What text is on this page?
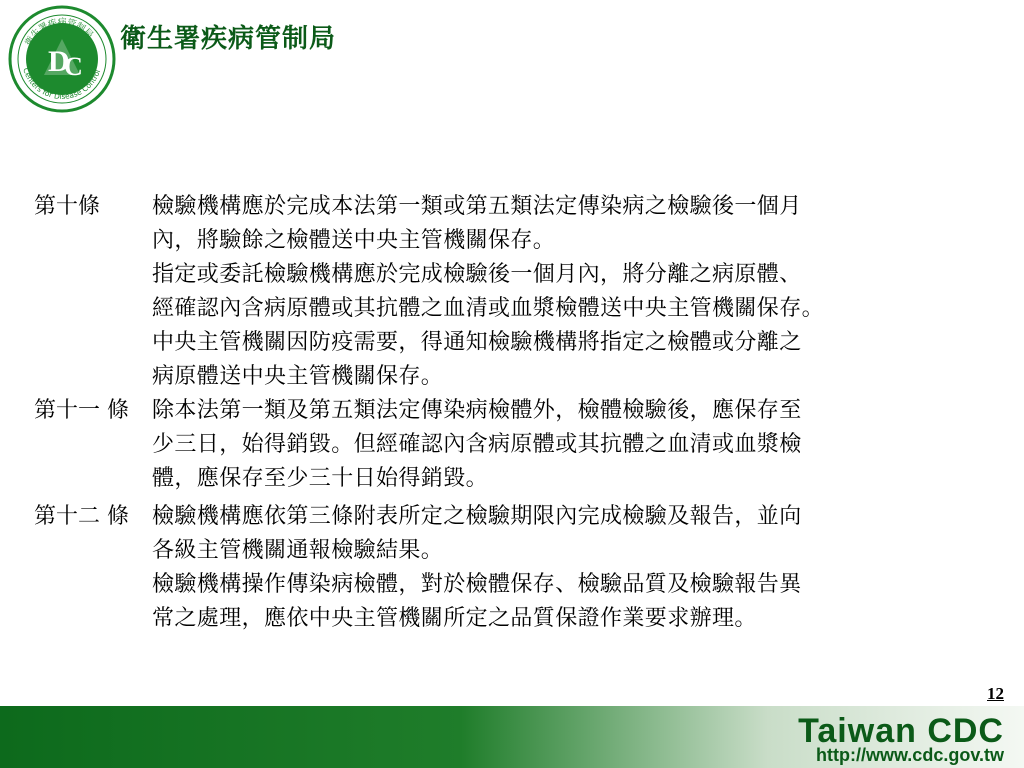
D
C
衛生署疾病管制局
Centers for Disease Control
衛生署疾病管制局
第十條 檢驗機構應於完成本法第一類或第五類法定傳染病之檢驗後一個月
內，將驗餘之檢體送中央主管機關保存。
指定或委託檢驗機構應於完成檢驗後一個月內，將分離之病原體、
經確認內含病原體或其抗體之血清或血漿檢體送中央主管機關保存。
中央主管機關因防疫需要，得通知檢驗機構將指定之檢體或分離之
病原體送中央主管機關保存。
第十一 條 除本法第一類及第五類法定傳染病檢體外，檢體檢驗後，應保存至
少三日，始得銷毀。但經確認內含病原體或其抗體之血清或血漿檢
體，應保存至少三十日始得銷毀。
第十二 條 檢驗機構應依第三條附表所定之檢驗期限內完成檢驗及報告，並向
各級主管機關通報檢驗結果。
檢驗機構操作傳染病檢體，對於檢體保存、檢驗品質及檢驗報告異
常之處理，應依中央主管機關所定之品質保證作業要求辦理。
12
Taiwan CDC
http://www.cdc.gov.tw
